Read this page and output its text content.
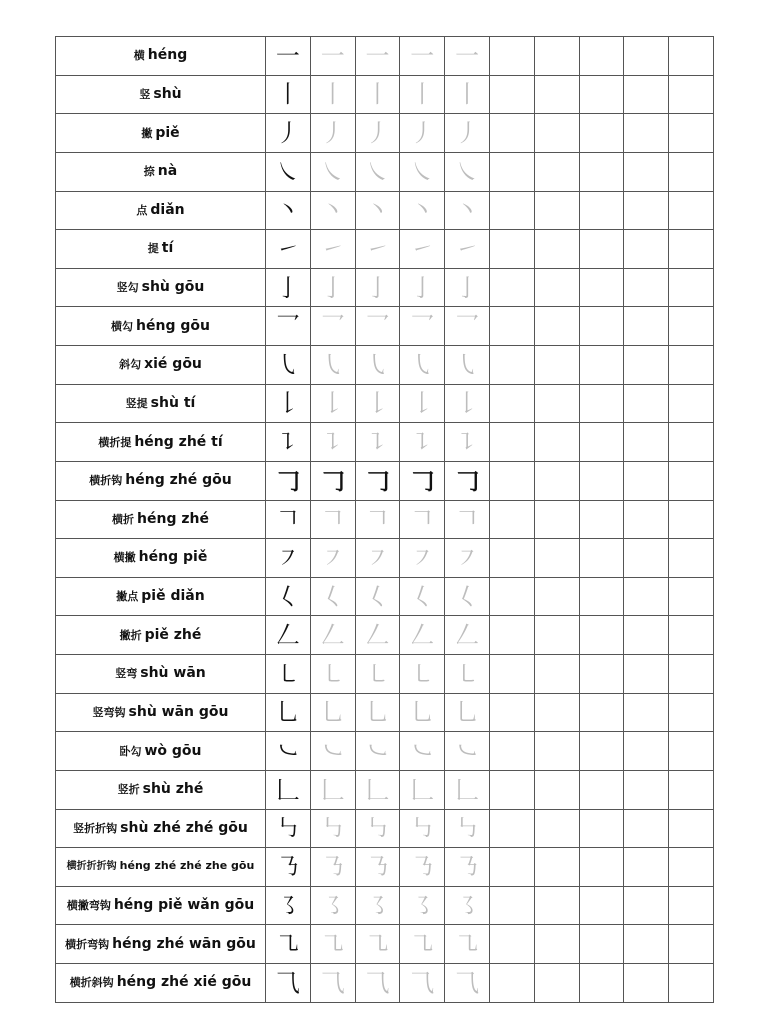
横 héng	一	一	一	一	一					
竖 shù	丨	丨	丨	丨	丨					
撇 piě	丿	丿	丿	丿	丿					
捺 nà	㇏	㇏	㇏	㇏	㇏					
点 diǎn	丶	丶	丶	丶	丶					
提 tí	㇀	㇀	㇀	㇀	㇀					
竖勾 shù gōu	亅	亅	亅	亅	亅					
横勾 héng gōu	乛	乛	乛	乛	乛					
斜勾 xié gōu	㇂	㇂	㇂	㇂	㇂					
竖提 shù tí	𠄌	𠄌	𠄌	𠄌	𠄌					
横折提 héng zhé tí	㇊	㇊	㇊	㇊	㇊					
横折钩 héng zhé gōu	𠃌	𠃌	𠃌	𠃌	𠃌					
横折 héng zhé	𠃍	𠃍	𠃍	𠃍	𠃍					
横撇 héng piě	㇇	㇇	㇇	㇇	㇇					
撇点 piě diǎn	𡿨	𡿨	𡿨	𡿨	𡿨					
撇折 piě zhé	𠃋	𠃋	𠃋	𠃋	𠃋					
竖弯 shù wān	㇄	㇄	㇄	㇄	㇄					
竖弯钩 shù wān gōu	乚	乚	乚	乚	乚					
卧勾 wò gōu	㇃	㇃	㇃	㇃	㇃					
竖折 shù zhé	𠃊	𠃊	𠃊	𠃊	𠃊					
竖折折钩 shù zhé zhé gōu	㇉	㇉	㇉	㇉	㇉					
横折折折钩 héng zhé zhé zhe gōu	㇡	㇡	㇡	㇡	㇡					
横撇弯钩 héng piě wǎn gōu	㇌	㇌	㇌	㇌	㇌					
横折弯钩 héng zhé wān gōu	㇈	㇈	㇈	㇈	㇈					
横折斜钩 héng zhé xié gōu	⺄	⺄	⺄	⺄	⺄					
